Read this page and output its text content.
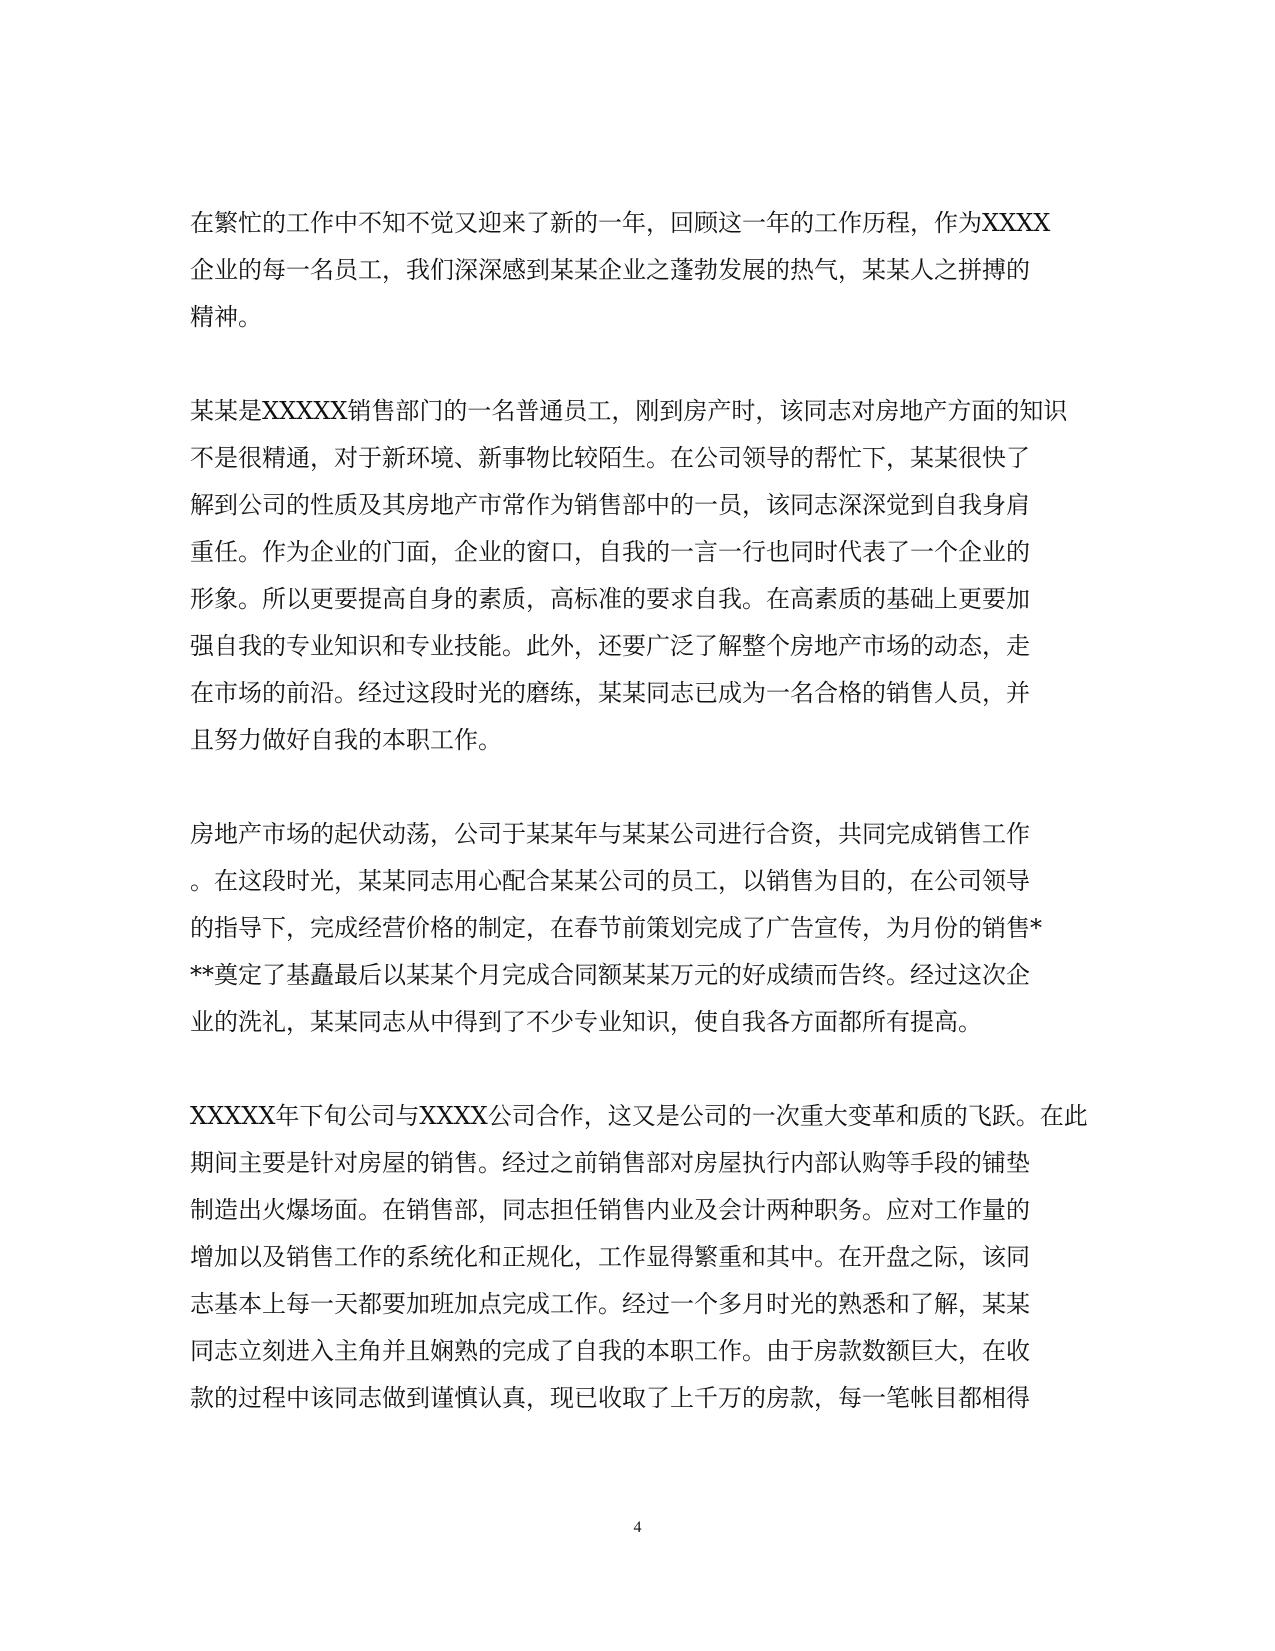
在繁忙的工作中不知不觉又迎来了新的一年，回顾这一年的工作历程，作为XXXX
企业的每一名员工，我们深深感到某某企业之蓬勃发展的热气，某某人之拼搏的
精神。

某某是XXXXX销售部门的一名普通员工，刚到房产时，该同志对房地产方面的知识
不是很精通，对于新环境、新事物比较陌生。在公司领导的帮忙下，某某很快了
解到公司的性质及其房地产市常作为销售部中的一员，该同志深深觉到自我身肩
重任。作为企业的门面，企业的窗口，自我的一言一行也同时代表了一个企业的
形象。所以更要提高自身的素质，高标准的要求自我。在高素质的基础上更要加
强自我的专业知识和专业技能。此外，还要广泛了解整个房地产市场的动态，走
在市场的前沿。经过这段时光的磨练，某某同志已成为一名合格的销售人员，并
且努力做好自我的本职工作。

房地产市场的起伏动荡，公司于某某年与某某公司进行合资，共同完成销售工作
。在这段时光，某某同志用心配合某某公司的员工，以销售为目的，在公司领导
的指导下，完成经营价格的制定，在春节前策划完成了广告宣传，为月份的销售*
**奠定了基矗最后以某某个月完成合同额某某万元的好成绩而告终。经过这次企
业的洗礼，某某同志从中得到了不少专业知识，使自我各方面都所有提高。

XXXXX年下旬公司与XXXX公司合作，这又是公司的一次重大变革和质的飞跃。在此
期间主要是针对房屋的销售。经过之前销售部对房屋执行内部认购等手段的铺垫
制造出火爆场面。在销售部，同志担任销售内业及会计两种职务。应对工作量的
增加以及销售工作的系统化和正规化，工作显得繁重和其中。在开盘之际，该同
志基本上每一天都要加班加点完成工作。经过一个多月时光的熟悉和了解，某某
同志立刻进入主角并且娴熟的完成了自我的本职工作。由于房款数额巨大，在收
款的过程中该同志做到谨慎认真，现已收取了上千万的房款，每一笔帐目都相得

4
